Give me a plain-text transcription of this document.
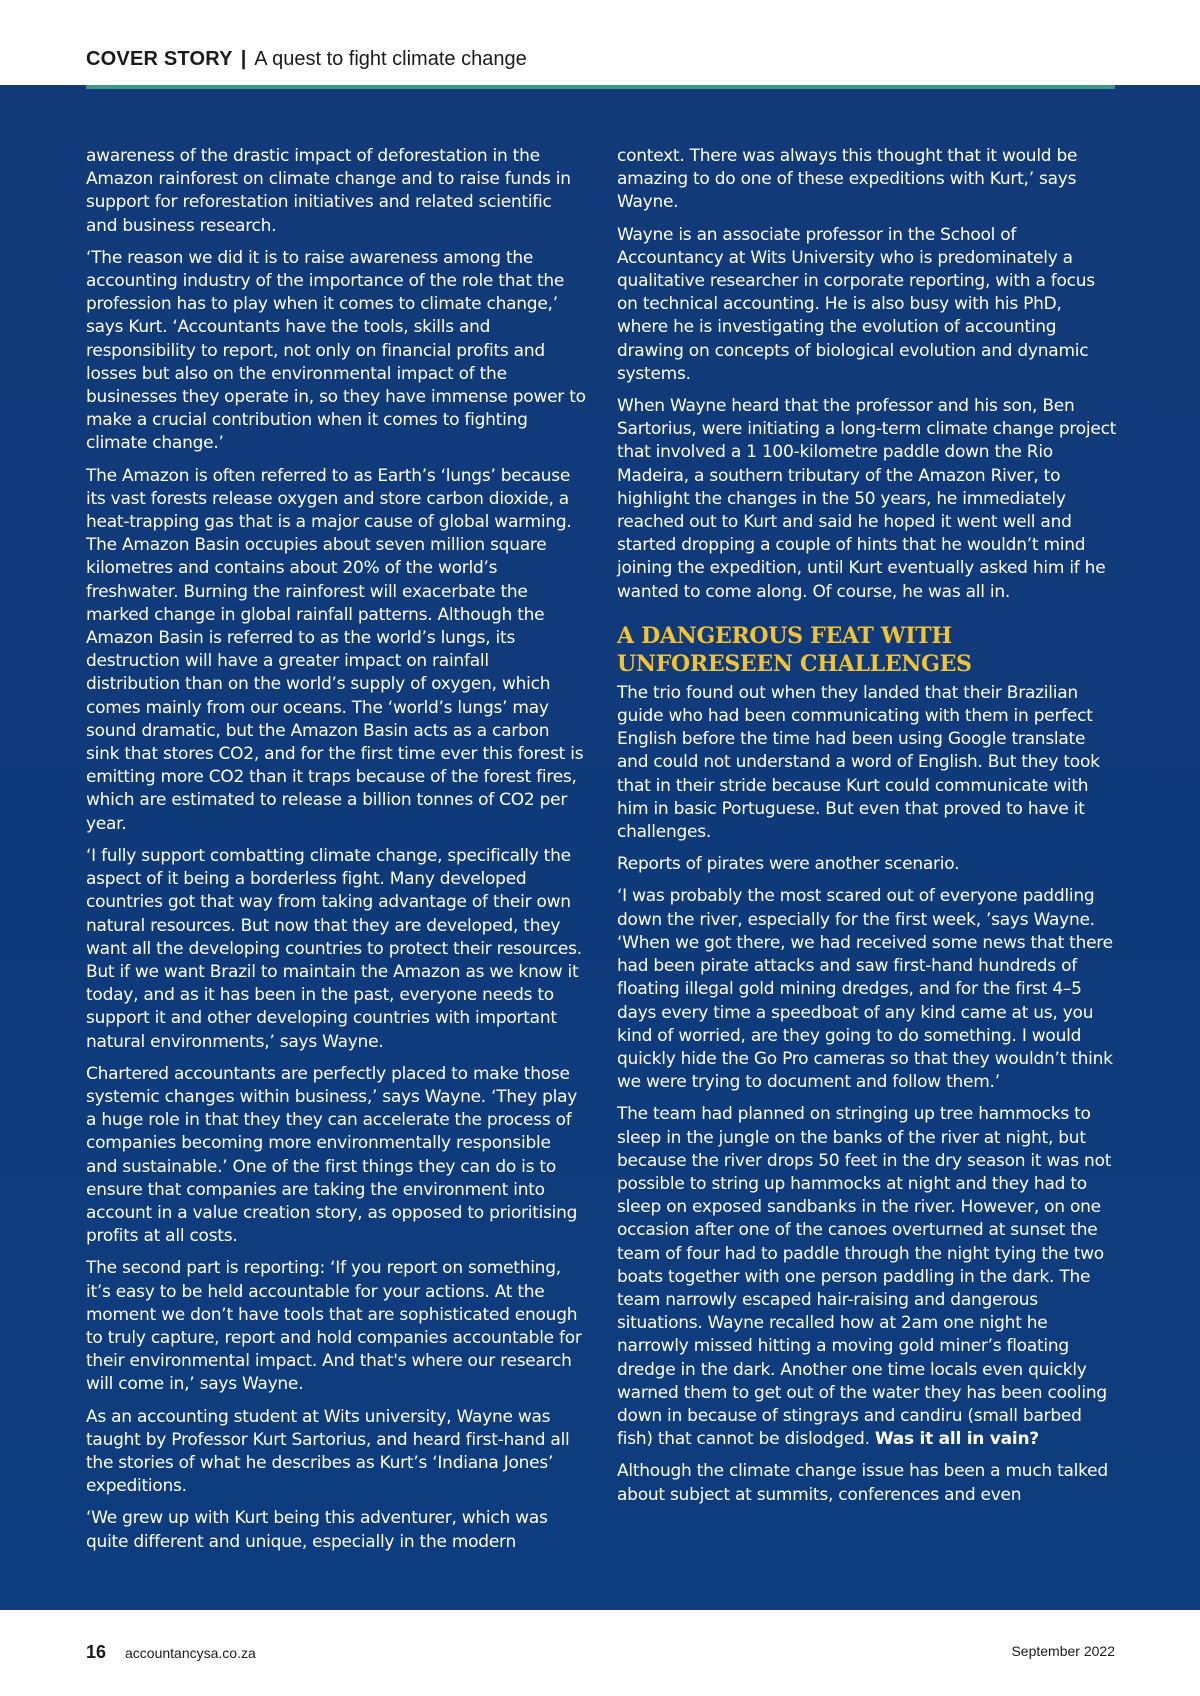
COVER STORY | A quest to fight climate change

awareness of the drastic impact of deforestation in the Amazon rainforest on climate change and to raise funds in support for reforestation initiatives and related scientific and business research.

‘The reason we did it is to raise awareness among the accounting industry of the importance of the role that the profession has to play when it comes to climate change,’ says Kurt. ‘Accountants have the tools, skills and responsibility to report, not only on financial profits and losses but also on the environmental impact of the businesses they operate in, so they have immense power to make a crucial contribution when it comes to fighting climate change.’

The Amazon is often referred to as Earth’s ‘lungs’ because its vast forests release oxygen and store carbon dioxide, a heat-trapping gas that is a major cause of global warming. The Amazon Basin occupies about seven million square kilometres and contains about 20% of the world’s freshwater. Burning the rainforest will exacerbate the marked change in global rainfall patterns. Although the Amazon Basin is referred to as the world’s lungs, its destruction will have a greater impact on rainfall distribution than on the world’s supply of oxygen, which comes mainly from our oceans. The ‘world’s lungs’ may sound dramatic, but the Amazon Basin acts as a carbon sink that stores CO2, and for the first time ever this forest is emitting more CO2 than it traps because of the forest fires, which are estimated to release a billion tonnes of CO2 per year.

‘I fully support combatting climate change, specifically the aspect of it being a borderless fight. Many developed countries got that way from taking advantage of their own natural resources. But now that they are developed, they want all the developing countries to protect their resources. But if we want Brazil to maintain the Amazon as we know it today, and as it has been in the past, everyone needs to support it and other developing countries with important natural environments,’ says Wayne.

Chartered accountants are perfectly placed to make those systemic changes within business,’ says Wayne. ‘They play a huge role in that they they can accelerate the process of companies becoming more environmentally responsible and sustainable.’ One of the first things they can do is to ensure that companies are taking the environment into account in a value creation story, as opposed to prioritising profits at all costs.

The second part is reporting: ‘If you report on something, it’s easy to be held accountable for your actions. At the moment we don’t have tools that are sophisticated enough to truly capture, report and hold companies accountable for their environmental impact. And that's where our research will come in,’ says Wayne.

As an accounting student at Wits university, Wayne was taught by Professor Kurt Sartorius, and heard first-hand all the stories of what he describes as Kurt’s ‘Indiana Jones’ expeditions.

‘We grew up with Kurt being this adventurer, which was quite different and unique, especially in the modern

context. There was always this thought that it would be amazing to do one of these expeditions with Kurt,’ says Wayne.

Wayne is an associate professor in the School of Accountancy at Wits University who is predominately a qualitative researcher in corporate reporting, with a focus on technical accounting. He is also busy with his PhD, where he is investigating the evolution of accounting drawing on concepts of biological evolution and dynamic systems.

When Wayne heard that the professor and his son, Ben Sartorius, were initiating a long-term climate change project that involved a 1 100-kilometre paddle down the Rio Madeira, a southern tributary of the Amazon River, to highlight the changes in the 50 years, he immediately reached out to Kurt and said he hoped it went well and started dropping a couple of hints that he wouldn’t mind joining the expedition, until Kurt eventually asked him if he wanted to come along. Of course, he was all in.

A DANGEROUS FEAT WITH UNFORESEEN CHALLENGES

The trio found out when they landed that their Brazilian guide who had been communicating with them in perfect English before the time had been using Google translate and could not understand a word of English. But they took that in their stride because Kurt could communicate with him in basic Portuguese. But even that proved to have it challenges.

Reports of pirates were another scenario.

‘I was probably the most scared out of everyone paddling down the river, especially for the first week, ’says Wayne. ‘When we got there, we had received some news that there had been pirate attacks and saw first-hand hundreds of floating illegal gold mining dredges, and for the first 4–5 days every time a speedboat of any kind came at us, you kind of worried, are they going to do something. I would quickly hide the Go Pro cameras so that they wouldn’t think we were trying to document and follow them.’

The team had planned on stringing up tree hammocks to sleep in the jungle on the banks of the river at night, but because the river drops 50 feet in the dry season it was not possible to string up hammocks at night and they had to sleep on exposed sandbanks in the river. However, on one occasion after one of the canoes overturned at sunset the team of four had to paddle through the night tying the two boats together with one person paddling in the dark. The team narrowly escaped hair-raising and dangerous situations. Wayne recalled how at 2am one night he narrowly missed hitting a moving gold miner’s floating dredge in the dark. Another one time locals even quickly warned them to get out of the water they has been cooling down in because of stingrays and candiru (small barbed fish) that cannot be dislodged. Was it all in vain?

Although the climate change issue has been a much talked about subject at summits, conferences and even

16 accountancysa.co.za	September 2022
